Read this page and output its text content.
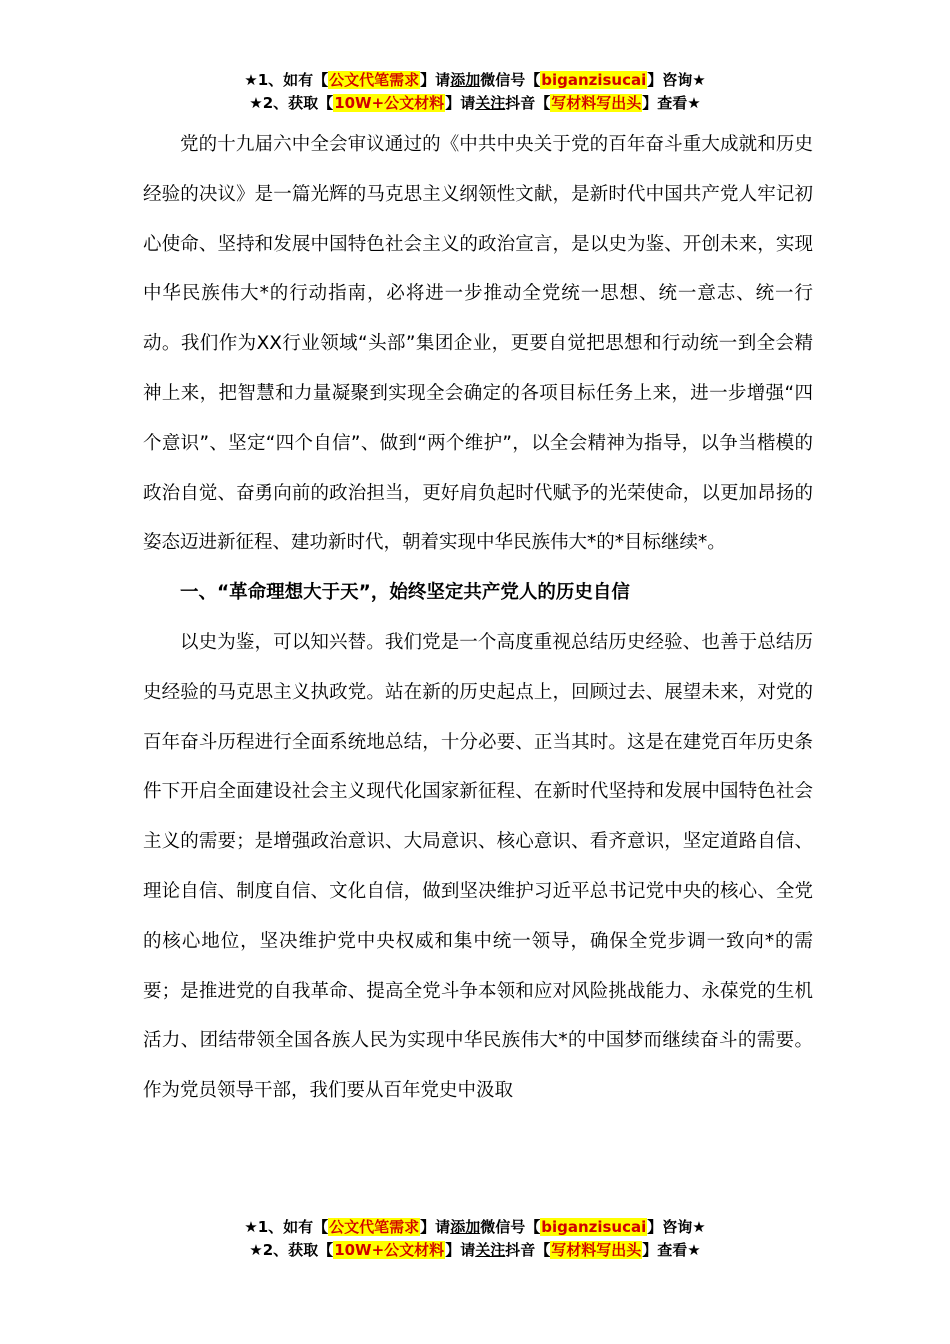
★1、如有【公文代笔需求】请添加微信号【biganzisucai】咨询★
★2、获取【10W+公文材料】请关注抖音【写材料写出头】查看★

党的十九届六中全会审议通过的《中共中央关于党的百年奋斗重大成就和历史经验的决议》是一篇光辉的马克思主义纲领性文献，是新时代中国共产党人牢记初心使命、坚持和发展中国特色社会主义的政治宣言，是以史为鉴、开创未来，实现中华民族伟大*的行动指南，必将进一步推动全党统一思想、统一意志、统一行动。我们作为XX行业领域“头部”集团企业，更要自觉把思想和行动统一到全会精神上来，把智慧和力量凝聚到实现全会确定的各项目标任务上来，进一步增强“四个意识”、坚定“四个自信”、做到“两个维护”，以全会精神为指导，以争当楷模的政治自觉、奋勇向前的政治担当，更好肩负起时代赋予的光荣使命，以更加昂扬的姿态迈进新征程、建功新时代，朝着实现中华民族伟大*的*目标继续*。

一、“革命理想大于天”，始终坚定共产党人的历史自信

以史为鉴，可以知兴替。我们党是一个高度重视总结历史经验、也善于总结历史经验的马克思主义执政党。站在新的历史起点上，回顾过去、展望未来，对党的百年奋斗历程进行全面系统地总结，十分必要、正当其时。这是在建党百年历史条件下开启全面建设社会主义现代化国家新征程、在新时代坚持和发展中国特色社会主义的需要；是增强政治意识、大局意识、核心意识、看齐意识，坚定道路自信、理论自信、制度自信、文化自信，做到坚决维护习近平总书记党中央的核心、全党的核心地位，坚决维护党中央权威和集中统一领导，确保全党步调一致向*的需要；是推进党的自我革命、提高全党斗争本领和应对风险挑战能力、永葆党的生机活力、团结带领全国各族人民为实现中华民族伟大*的中国梦而继续奋斗的需要。作为党员领导干部，我们要从百年党史中汲取

★1、如有【公文代笔需求】请添加微信号【biganzisucai】咨询★
★2、获取【10W+公文材料】请关注抖音【写材料写出头】查看★
